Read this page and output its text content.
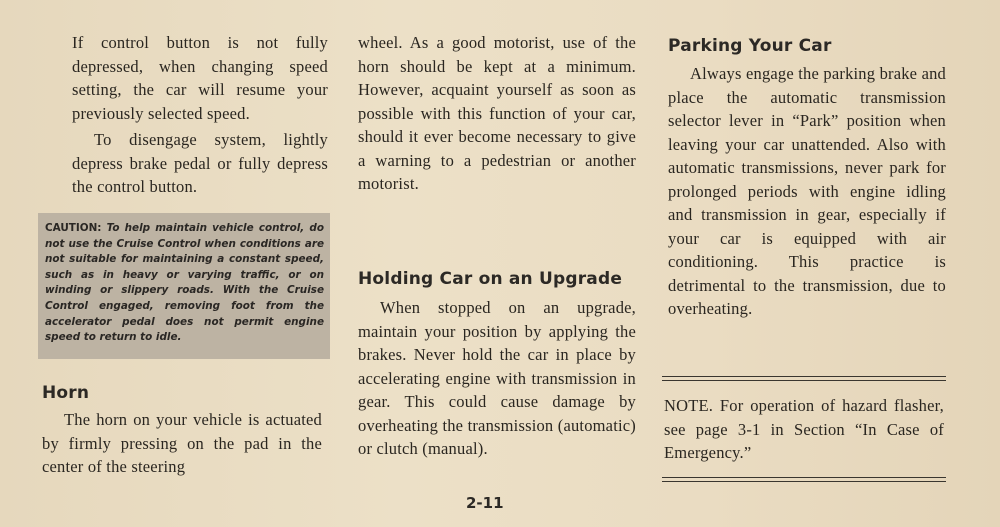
If control button is not fully depressed, when changing speed setting, the car will resume your previously selected speed.

To disengage system, lightly depress brake pedal or fully depress the control button.

CAUTION: To help maintain vehicle control, do not use the Cruise Control when conditions are not suitable for maintaining a constant speed, such as in heavy or varying traffic, or on winding or slippery roads. With the Cruise Control engaged, removing foot from the accelerator pedal does not permit engine speed to return to idle.

Horn

The horn on your vehicle is actuated by firmly pressing on the pad in the center of the steering

wheel. As a good motorist, use of the horn should be kept at a minimum. However, acquaint yourself as soon as possible with this function of your car, should it ever become necessary to give a warning to a pedestrian or another motorist.

Holding Car on an Upgrade

When stopped on an upgrade, maintain your position by applying the brakes. Never hold the car in place by accelerating engine with transmission in gear. This could cause damage by overheating the transmission (automatic) or clutch (manual).

Parking Your Car

Always engage the parking brake and place the automatic transmission selector lever in “Park” position when leaving your car unattended. Also with automatic transmissions, never park for prolonged periods with engine idling and transmission in gear, especially if your car is equipped with air conditioning. This practice is detrimental to the transmission, due to overheating.

NOTE. For operation of hazard flasher, see page 3-1 in Section “In Case of Emergency.”

2-11
